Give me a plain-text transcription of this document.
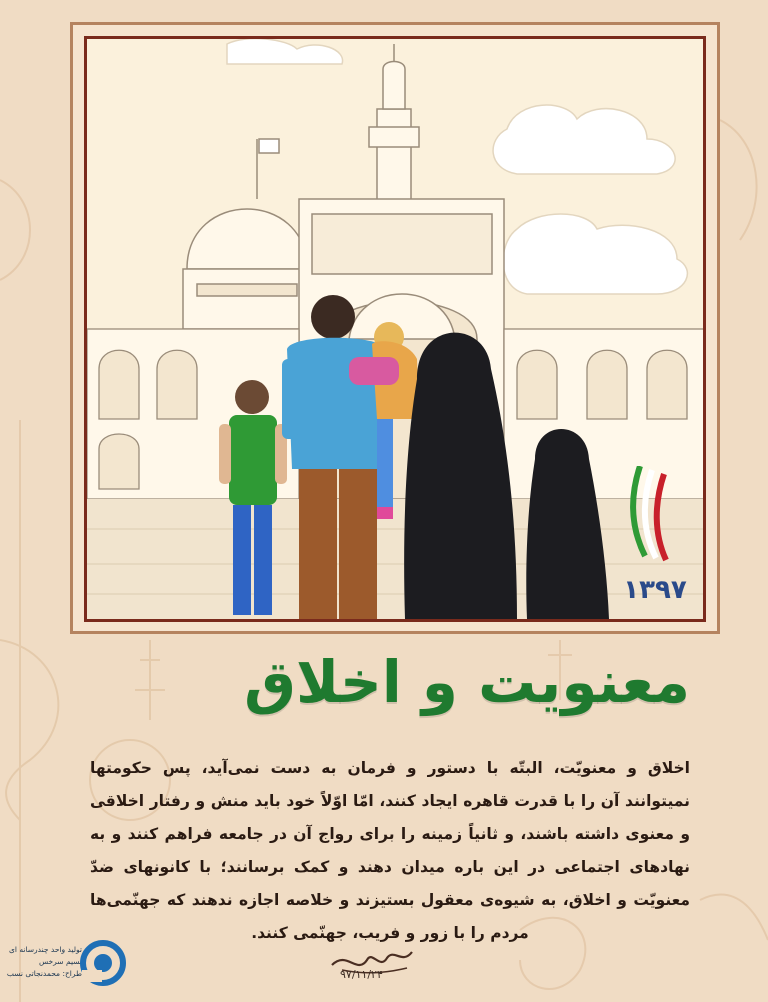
۱۳۹۷
معنویت و اخلاق
اخلاق و معنویّت، البتّه با دستور و فرمان به دست نمی‌آید، پس حکومتها نمیتوانند آن را با قدرت قاهره ایجاد کنند، امّا اوّلاً خود باید منش و رفتار اخلاقی و معنوی داشته باشند، و ثانیاً زمینه را برای رواج آن در جامعه فراهم کنند و به نهادهای اجتماعی در این باره میدان دهند و کمک برسانند؛ با کانونهای ضدّ معنویّت و اخلاق، به شیوه‌ی معقول بستیزند و خلاصه اجازه ندهند که جهنّمی‌ها مردم را با زور و فریب، جهنّمی کنند.
۹۷/۱۱/۲۴
تولید واحد چندرسانه ای
نسیم سرخس
طراح: محمدنجاتی نسب
